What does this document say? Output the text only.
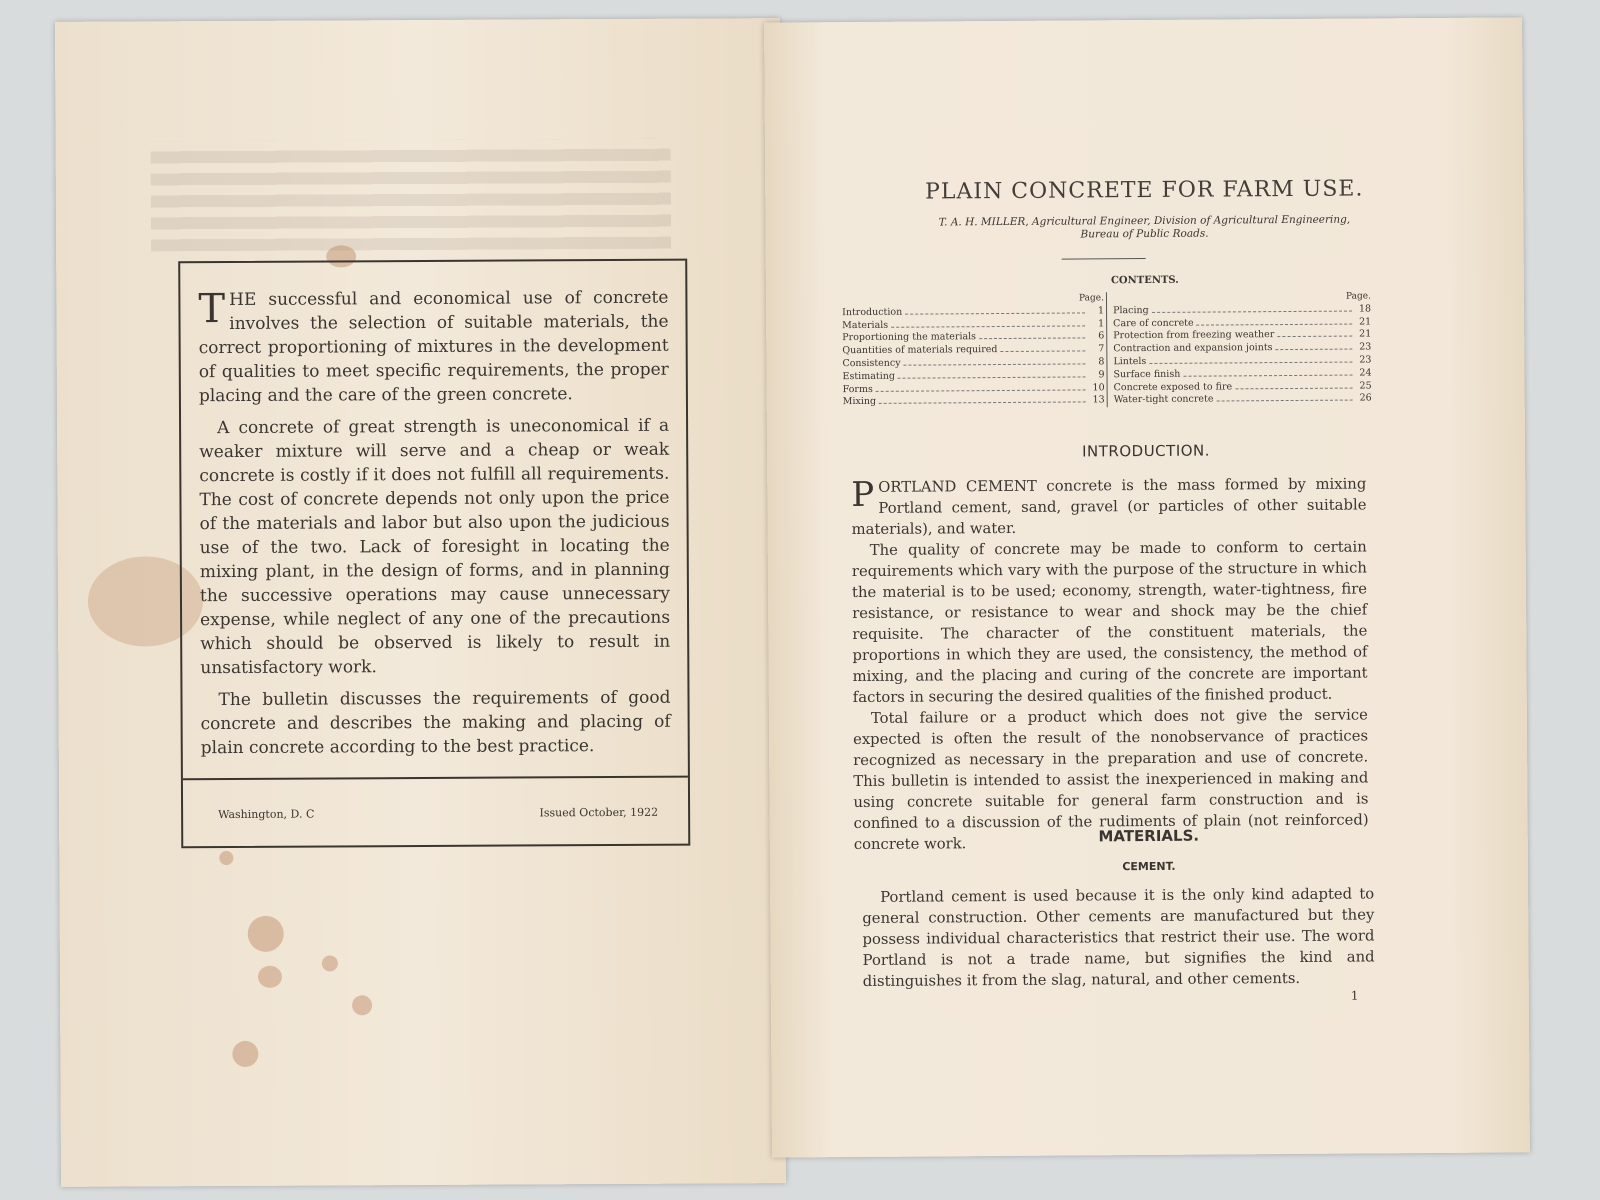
THE successful and economical use of concrete involves the selection of suitable materials, the correct proportioning of mixtures in the development of qualities to meet specific requirements, the proper placing and the care of the green concrete.

A concrete of great strength is uneconomical if a weaker mixture will serve and a cheap or weak concrete is costly if it does not fulfill all requirements. The cost of concrete depends not only upon the price of the materials and labor but also upon the judicious use of the two. Lack of foresight in locating the mixing plant, in the design of forms, and in planning the successive operations may cause unnecessary expense, while neglect of any one of the precautions which should be observed is likely to result in unsatisfactory work.

The bulletin discusses the requirements of good concrete and describes the making and placing of plain concrete according to the best practice.

Washington, D. C	Issued October, 1922
PLAIN CONCRETE FOR FARM USE.
T. A. H. MILLER, Agricultural Engineer, Division of Agricultural Engineering,
Bureau of Public Roads.
CONTENTS.
Page.
Introduction	1
Materials	1
Proportioning the materials	6
Quantities of materials required	7
Consistency	8
Estimating	9
Forms	10
Mixing	13
Page.
Placing	18
Care of concrete	21
Protection from freezing weather	21
Contraction and expansion joints	23
Lintels	23
Surface finish	24
Concrete exposed to fire	25
Water-tight concrete	26
INTRODUCTION.

PORTLAND CEMENT concrete is the mass formed by mixing Portland cement, sand, gravel (or particles of other suitable materials), and water.

The quality of concrete may be made to conform to certain requirements which vary with the purpose of the structure in which the material is to be used; economy, strength, water-tightness, fire resistance, or resistance to wear and shock may be the chief requisite. The character of the constituent materials, the proportions in which they are used, the consistency, the method of mixing, and the placing and curing of the concrete are important factors in securing the desired qualities of the finished product.

Total failure or a product which does not give the service expected is often the result of the nonobservance of practices recognized as necessary in the preparation and use of concrete. This bulletin is intended to assist the inexperienced in making and using concrete suitable for general farm construction and is confined to a discussion of the rudiments of plain (not reinforced) concrete work.	MATERIALS.
CEMENT.

Portland cement is used because it is the only kind adapted to general construction. Other cements are manufactured but they possess individual characteristics that restrict their use. The word Portland is not a trade name, but signifies the kind and distinguishes it from the slag, natural, and other cements.

1
